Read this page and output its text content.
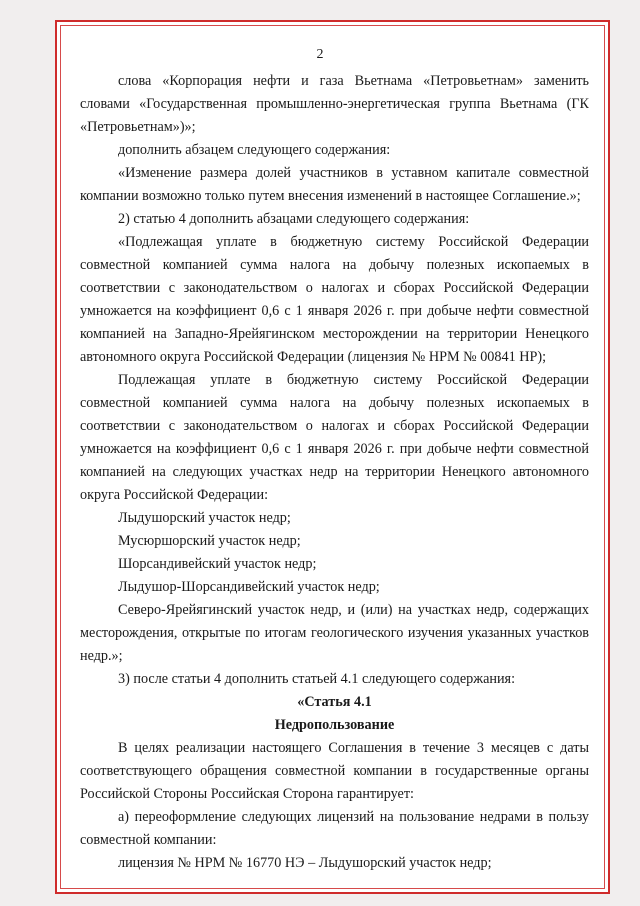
2

слова «Корпорация нефти и газа Вьетнама «Петровьетнам» заменить словами «Государственная промышленно-энергетическая группа Вьетнама (ГК «Петровьетнам»)»;

дополнить абзацем следующего содержания:

«Изменение размера долей участников в уставном капитале совместной компании возможно только путем внесения изменений в настоящее Соглашение.»;

2) статью 4 дополнить абзацами следующего содержания:

«Подлежащая уплате в бюджетную систему Российской Федерации совместной компанией сумма налога на добычу полезных ископаемых в соответствии с законодательством о налогах и сборах Российской Федерации умножается на коэффициент 0,6 с 1 января 2026 г. при добыче нефти совместной компанией на Западно-Ярейягинском месторождении на территории Ненецкого автономного округа Российской Федерации (лицензия № НРМ № 00841 НР);

Подлежащая уплате в бюджетную систему Российской Федерации совместной компанией сумма налога на добычу полезных ископаемых в соответствии с законодательством о налогах и сборах Российской Федерации умножается на коэффициент 0,6 с 1 января 2026 г. при добыче нефти совместной компанией на следующих участках недр на территории Ненецкого автономного округа Российской Федерации:

Лыдушорский участок недр;

Мусюршорский участок недр;

Шорсандивейский участок недр;

Лыдушор-Шорсандивейский участок недр;

Северо-Ярейягинский участок недр, и (или) на участках недр, содержащих месторождения, открытые по итогам геологического изучения указанных участков недр.»;

3) после статьи 4 дополнить статьей 4.1 следующего содержания:

«Статья 4.1

Недропользование

В целях реализации настоящего Соглашения в течение 3 месяцев с даты соответствующего обращения совместной компании в государственные органы Российской Стороны Российская Сторона гарантирует:

а) переоформление следующих лицензий на пользование недрами в пользу совместной компании:

лицензия № НРМ № 16770 НЭ – Лыдушорский участок недр;
